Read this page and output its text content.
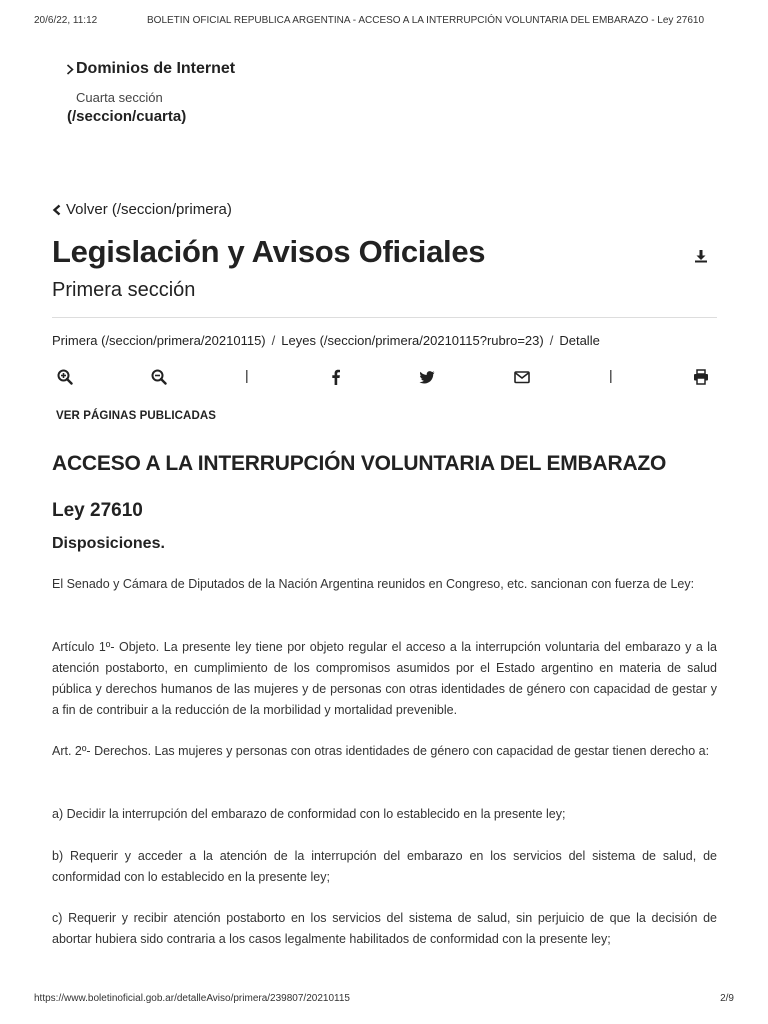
20/6/22, 11:12	BOLETIN OFICIAL REPUBLICA ARGENTINA - ACCESO A LA INTERRUPCIÓN VOLUNTARIA DEL EMBARAZO - Ley 27610
Dominios de Internet
Cuarta sección
(/seccion/cuarta)
Volver (/seccion/primera)
Legislación y Avisos Oficiales
Primera sección
Primera (/seccion/primera/20210115) / Leyes (/seccion/primera/20210115?rubro=23) / Detalle
|	|
VER PÁGINAS PUBLICADAS
ACCESO A LA INTERRUPCIÓN VOLUNTARIA DEL EMBARAZO
Ley 27610
Disposiciones.

El Senado y Cámara de Diputados de la Nación Argentina reunidos en Congreso, etc. sancionan con fuerza de Ley:

Artículo 1º- Objeto. La presente ley tiene por objeto regular el acceso a la interrupción voluntaria del embarazo y a la atención postaborto, en cumplimiento de los compromisos asumidos por el Estado argentino en materia de salud pública y derechos humanos de las mujeres y de personas con otras identidades de género con capacidad de gestar y a fin de contribuir a la reducción de la morbilidad y mortalidad prevenible.

Art. 2º- Derechos. Las mujeres y personas con otras identidades de género con capacidad de gestar tienen derecho a:

a) Decidir la interrupción del embarazo de conformidad con lo establecido en la presente ley;

b) Requerir y acceder a la atención de la interrupción del embarazo en los servicios del sistema de salud, de conformidad con lo establecido en la presente ley;

c) Requerir y recibir atención postaborto en los servicios del sistema de salud, sin perjuicio de que la decisión de abortar hubiera sido contraria a los casos legalmente habilitados de conformidad con la presente ley;

https://www.boletinoficial.gob.ar/detalleAviso/primera/239807/20210115	2/9
